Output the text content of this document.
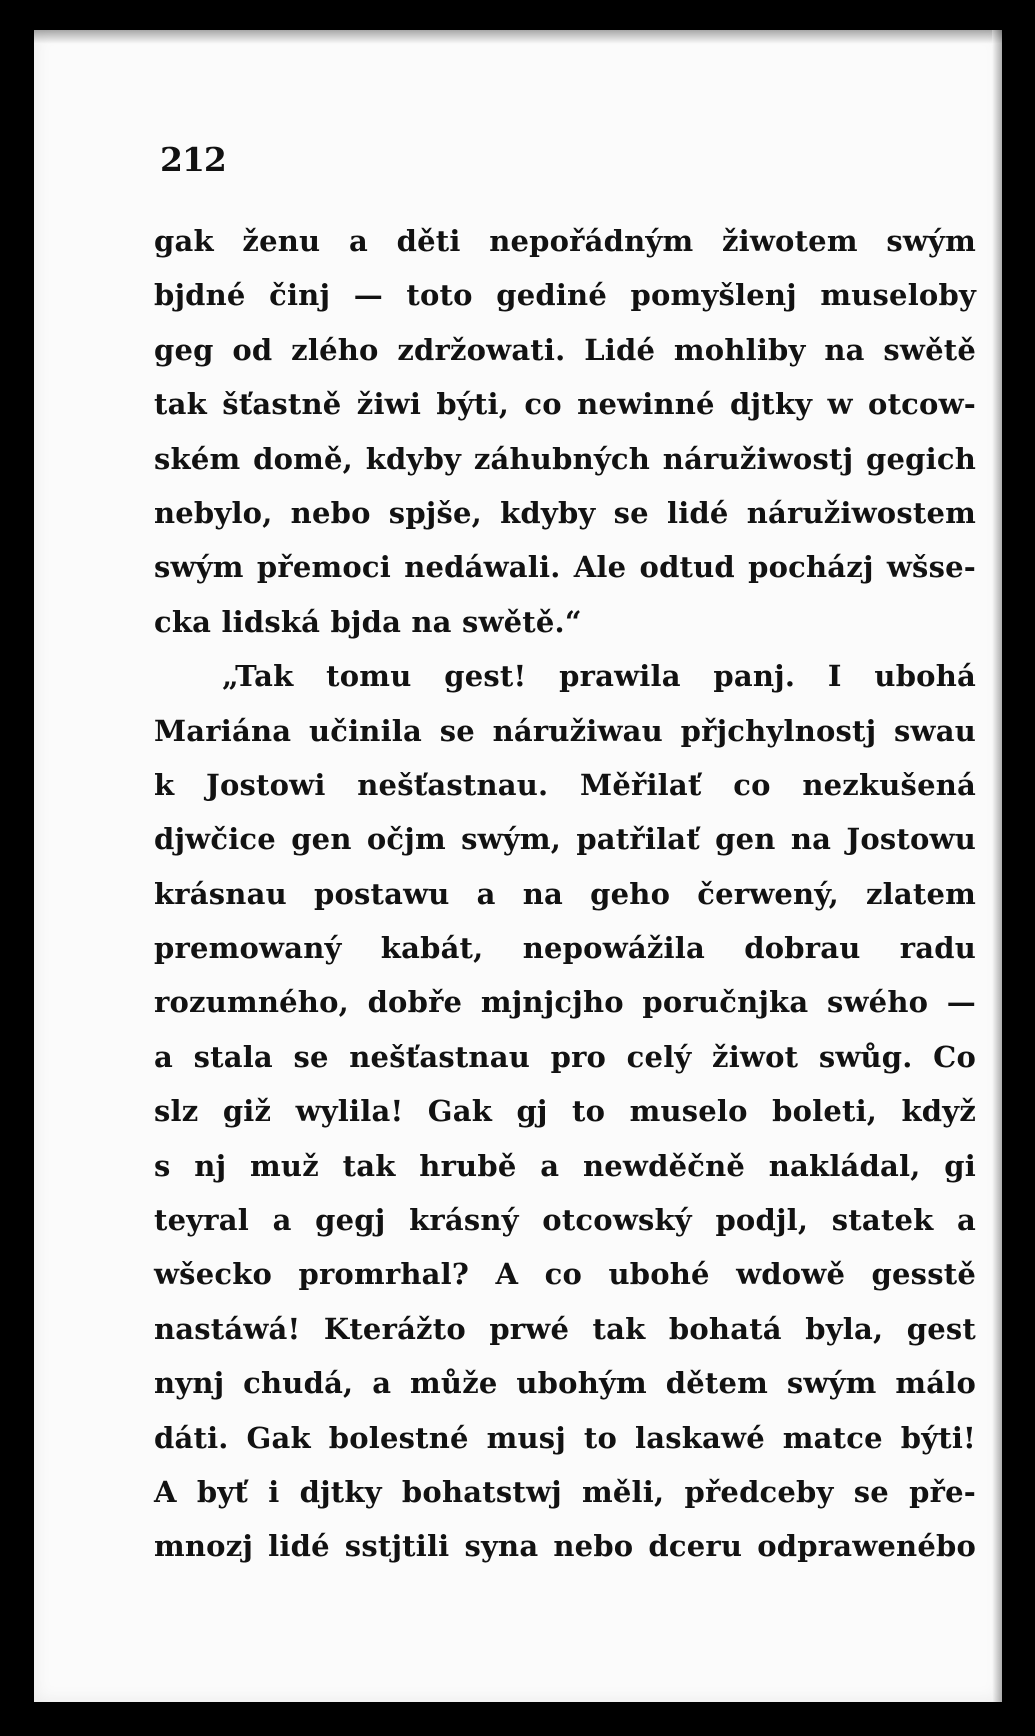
212
gak ženu a děti nepořádným žiwotem swým
bjdné činj — toto gediné pomyšlenj museloby
geg od zlého zdržowati. Lidé mohliby na swětě
tak šťastně žiwi býti, co newinné djtky w otcow-
ském domě, kdyby záhubných náružiwostj gegich
nebylo, nebo spjše, kdyby se lidé náružiwostem
swým přemoci nedáwali. Ale odtud pocházj wšse-
cka lidská bjda na swětě.“
„Tak tomu gest! prawila panj. I ubohá
Mariána učinila se náružiwau přjchylnostj swau
k Jostowi nešťastnau. Měřilať co nezkušená
djwčice gen očjm swým, patřilať gen na Jostowu
krásnau postawu a na geho čerwený, zlatem
premowaný kabát, nepowážila dobrau radu
rozumného, dobře mjnjcjho poručnjka swého —
a stala se nešťastnau pro celý žiwot swůg. Co
slz giž wylila! Gak gj to muselo boleti, když
s nj muž tak hrubě a newděčně nakládal, gi
teyral a gegj krásný otcowský podjl, statek a
wšecko promrhal? A co ubohé wdowě gesstě
nastáwá! Kterážto prwé tak bohatá byla, gest
nynj chudá, a může ubohým dětem swým málo
dáti. Gak bolestné musj to laskawé matce býti!
A byť i djtky bohatstwj měli, předceby se pře-
mnozj lidé sstjtili syna nebo dceru odprawenébo
